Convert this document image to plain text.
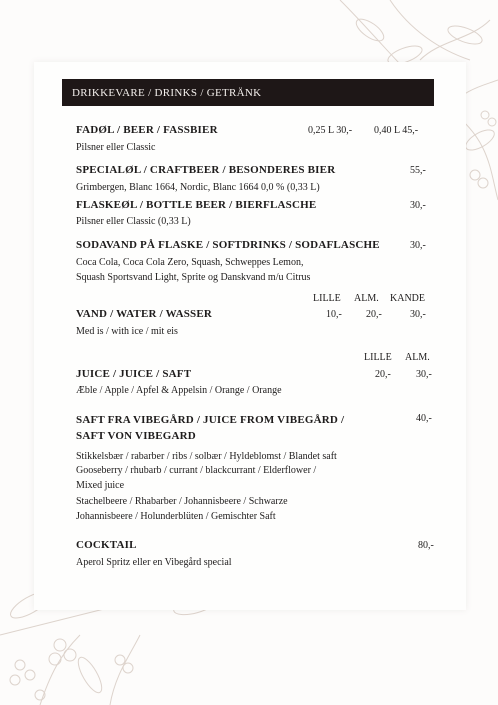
DRIKKEVARE / DRINKS / GETRÄNK
FADØL / BEER / FASSBIER	0,25 L 30,- 0,40 L 45,-
Pilsner eller Classic
SPECIALØL / CRAFTBEER / BESONDERES BIER	55,-
Grimbergen, Blanc 1664, Nordic, Blanc 1664 0,0 % (0,33 L)
FLASKEØL / BOTTLE BEER / BIERFLASCHE	30,-
Pilsner eller Classic (0,33 L)
SODAVAND PÅ FLASKE / SOFTDRINKS / SODAFLASCHE	30,-
Coca Cola, Coca Cola Zero, Squash, Schweppes Lemon,
Squash Sportsvand Light, Sprite og Danskvand m/u Citrus
LILLE ALM. KANDE
VAND / WATER / WASSER	10,- 20,-	30,-
Med is / with ice / mit eis
LILLE ALM.
JUICE / JUICE / SAFT	20,-	30,-
Æble / Apple / Apfel & Appelsin / Orange / Orange
SAFT FRA VIBEGÅRD / JUICE FROM VIBEGÅRD /
SAFT VON VIBEGARD
40,-
Stikkelsbær / rabarber / ribs / solbær / Hyldeblomst / Blandet saft
Gooseberry / rhubarb / currant / blackcurrant / Elderflower /
Mixed juice
Stachelbeere / Rhabarber / Johannisbeere / Schwarze
Johannisbeere / Holunderblüten / Gemischter Saft
COCKTAIL	80,-
Aperol Spritz eller en Vibegård special
